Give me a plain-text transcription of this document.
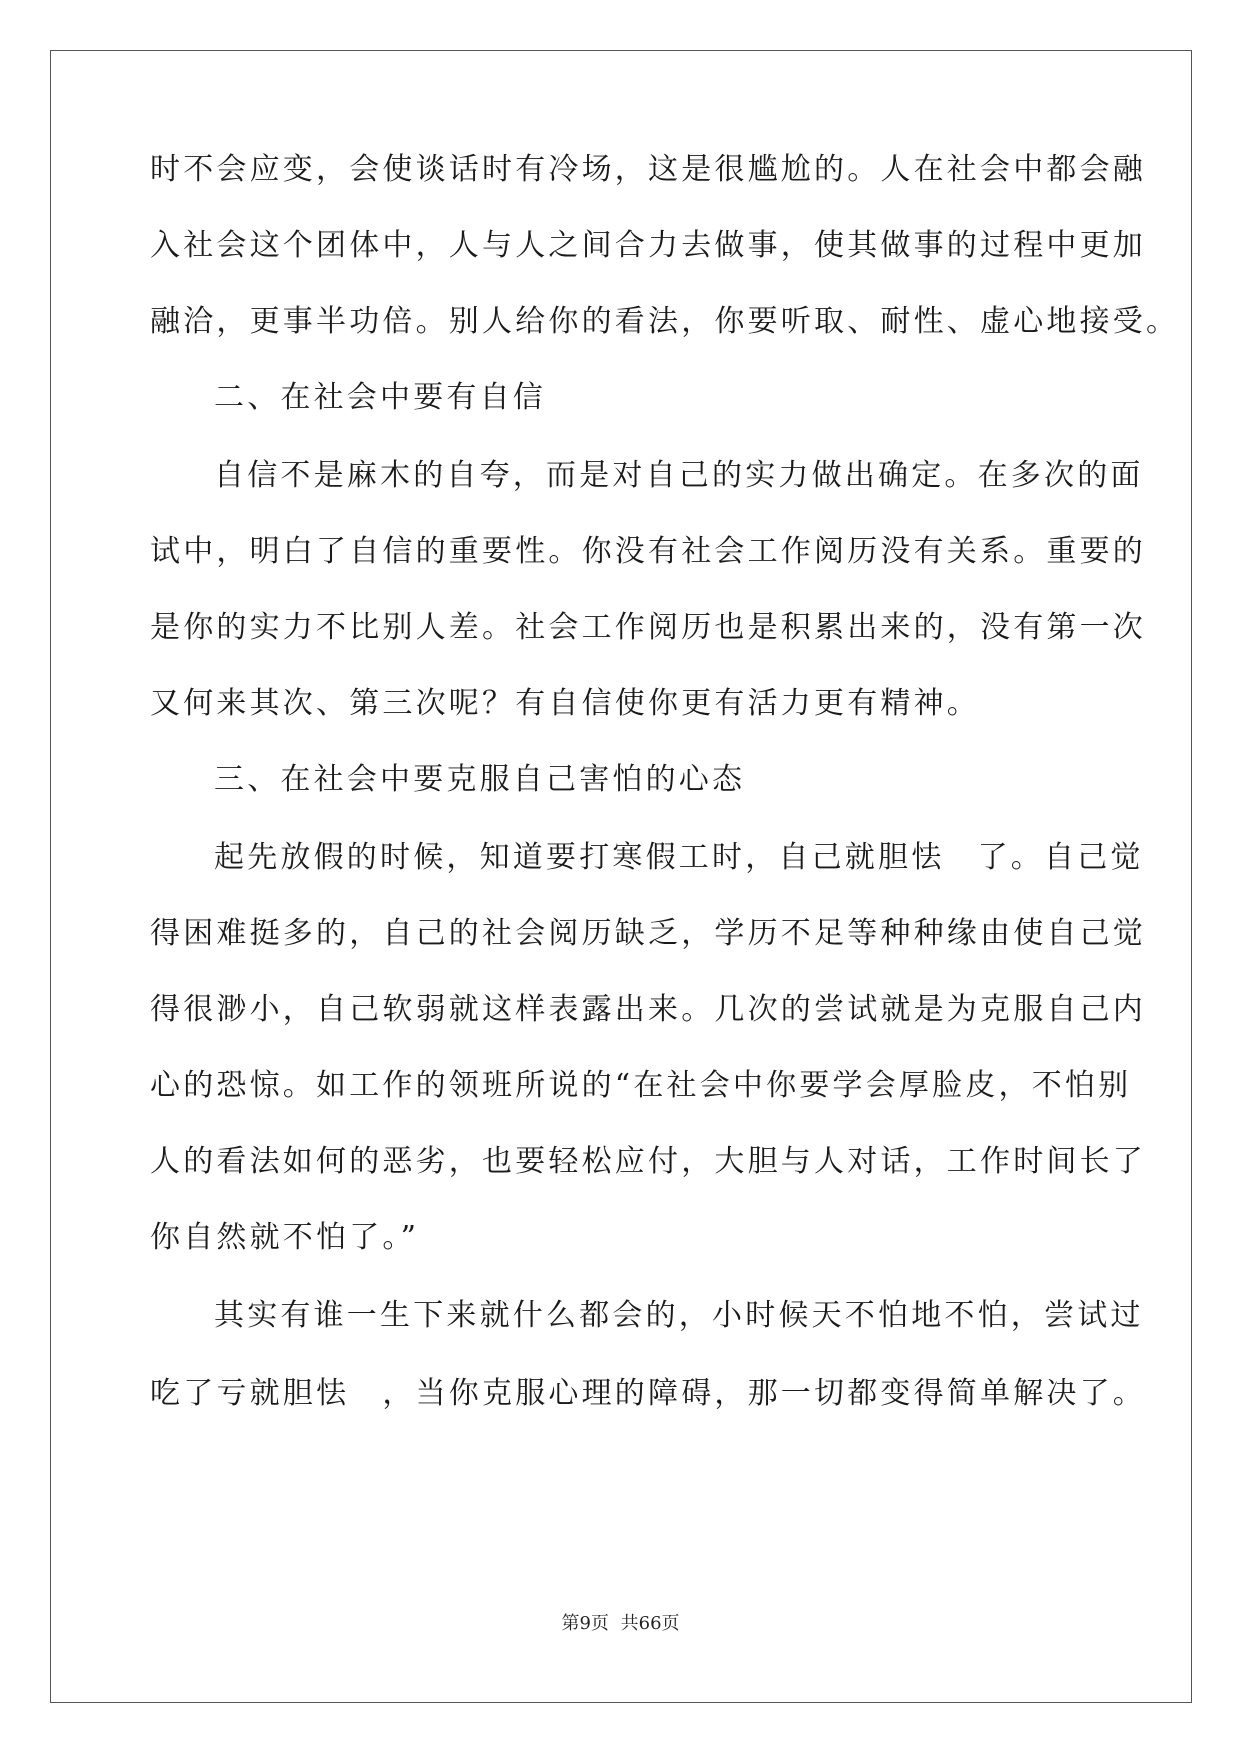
时不会应变，会使谈话时有冷场，这是很尴尬的。人在社会中都会融
入社会这个团体中，人与人之间合力去做事，使其做事的过程中更加
融洽，更事半功倍。别人给你的看法，你要听取、耐性、虚心地接受。
二、在社会中要有自信
自信不是麻木的自夸，而是对自己的实力做出确定。在多次的面
试中，明白了自信的重要性。你没有社会工作阅历没有关系。重要的
是你的实力不比别人差。社会工作阅历也是积累出来的，没有第一次
又何来其次、第三次呢？有自信使你更有活力更有精神。
三、在社会中要克服自己害怕的心态
起先放假的时候，知道要打寒假工时，自己就胆怯　了。自己觉
得困难挺多的，自己的社会阅历缺乏，学历不足等种种缘由使自己觉
得很渺小，自己软弱就这样表露出来。几次的尝试就是为克服自己内
心的恐惊。如工作的领班所说的“在社会中你要学会厚脸皮，不怕别
人的看法如何的恶劣，也要轻松应付，大胆与人对话，工作时间长了
你自然就不怕了。”
其实有谁一生下来就什么都会的，小时候天不怕地不怕，尝试过
吃了亏就胆怯　，当你克服心理的障碍，那一切都变得简单解决了。
第9页 共66页
